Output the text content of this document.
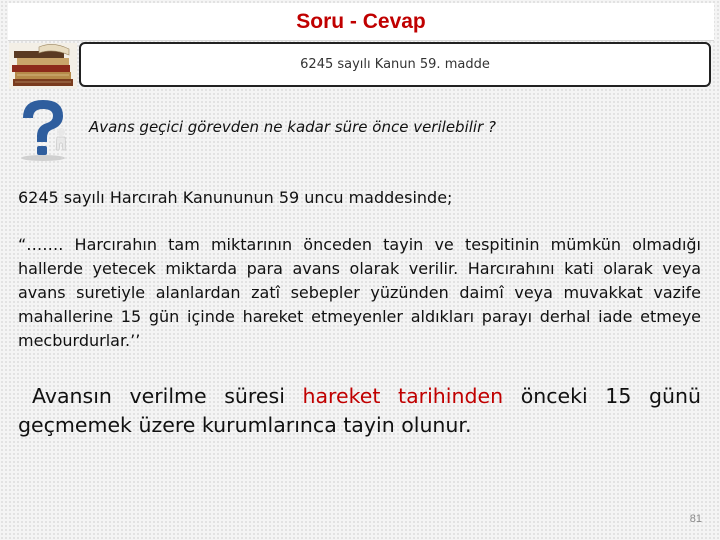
Soru - Cevap
6245 sayılı Kanun 59. madde
Avans geçici görevden ne kadar süre önce verilebilir ?
6245 sayılı Harcırah Kanununun 59 uncu maddesinde;
“……. Harcırahın tam miktarının önceden tayin ve tespitinin mümkün olmadığı hallerde yetecek miktarda para avans olarak verilir. Harcırahını kati olarak veya avans suretiyle alanlardan zatî sebepler yüzünden daimî veya muvakkat vazife mahallerine 15 gün içinde hareket etmeyenler aldıkları parayı derhal iade etmeye mecburdurlar.’’
Avansın verilme süresi hareket tarihinden önceki 15 günü geçmemek üzere kurumlarınca tayin olunur.
81
